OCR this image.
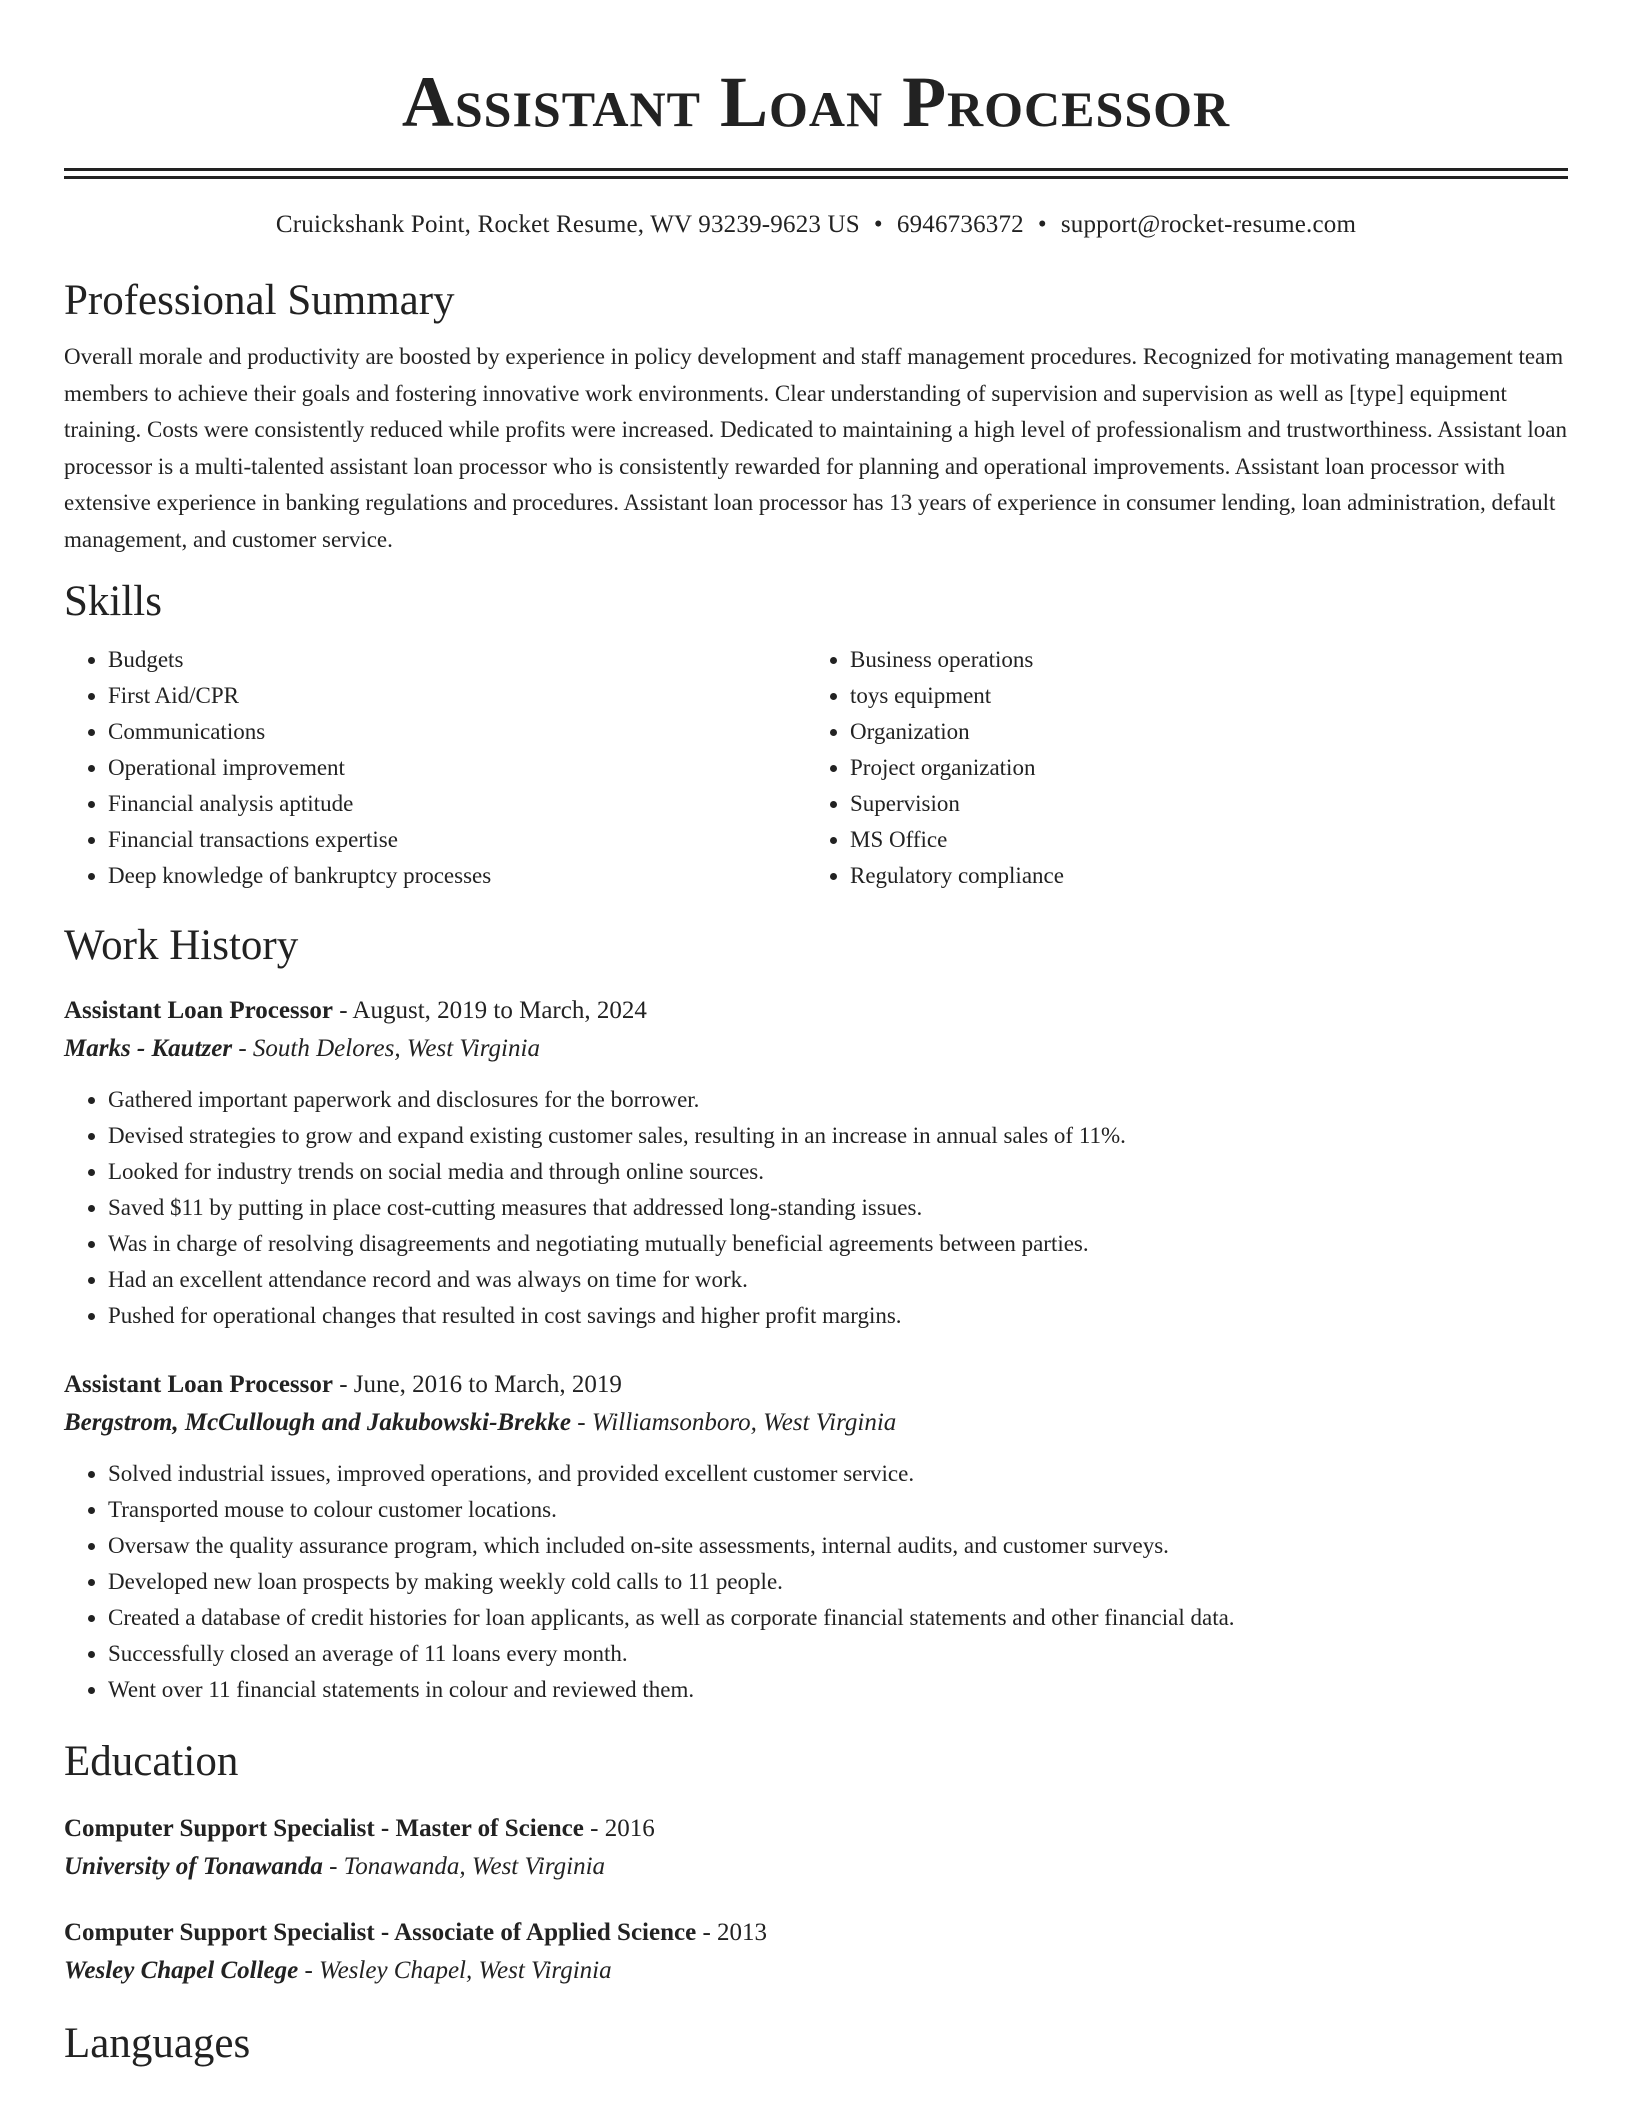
Assistant Loan Processor
Cruickshank Point, Rocket Resume, WV 93239-9623 US • 6946736372 • support@rocket-resume.com
Professional Summary

Overall morale and productivity are boosted by experience in policy development and staff management procedures. Recognized for motivating management team members to achieve their goals and fostering innovative work environments. Clear understanding of supervision and supervision as well as [type] equipment training. Costs were consistently reduced while profits were increased. Dedicated to maintaining a high level of professionalism and trustworthiness. Assistant loan processor is a multi-talented assistant loan processor who is consistently rewarded for planning and operational improvements. Assistant loan processor with extensive experience in banking regulations and procedures. Assistant loan processor has 13 years of experience in consumer lending, loan administration, default management, and customer service.

Skills
• Budgets
• First Aid/CPR
• Communications
• Operational improvement
• Financial analysis aptitude
• Financial transactions expertise
• Deep knowledge of bankruptcy processes
• Business operations
• toys equipment
• Organization
• Project organization
• Supervision
• MS Office
• Regulatory compliance
Work History
Assistant Loan Processor - August, 2019 to March, 2024
Marks - Kautzer - South Delores, West Virginia
• Gathered important paperwork and disclosures for the borrower.
• Devised strategies to grow and expand existing customer sales, resulting in an increase in annual sales of 11%.
• Looked for industry trends on social media and through online sources.
• Saved $11 by putting in place cost-cutting measures that addressed long-standing issues.
• Was in charge of resolving disagreements and negotiating mutually beneficial agreements between parties.
• Had an excellent attendance record and was always on time for work.
• Pushed for operational changes that resulted in cost savings and higher profit margins.
Assistant Loan Processor - June, 2016 to March, 2019
Bergstrom, McCullough and Jakubowski-Brekke - Williamsonboro, West Virginia
• Solved industrial issues, improved operations, and provided excellent customer service.
• Transported mouse to colour customer locations.
• Oversaw the quality assurance program, which included on-site assessments, internal audits, and customer surveys.
• Developed new loan prospects by making weekly cold calls to 11 people.
• Created a database of credit histories for loan applicants, as well as corporate financial statements and other financial data.
• Successfully closed an average of 11 loans every month.
• Went over 11 financial statements in colour and reviewed them.
Education
Computer Support Specialist - Master of Science - 2016
University of Tonawanda - Tonawanda, West Virginia
Computer Support Specialist - Associate of Applied Science - 2013
Wesley Chapel College - Wesley Chapel, West Virginia
Languages
